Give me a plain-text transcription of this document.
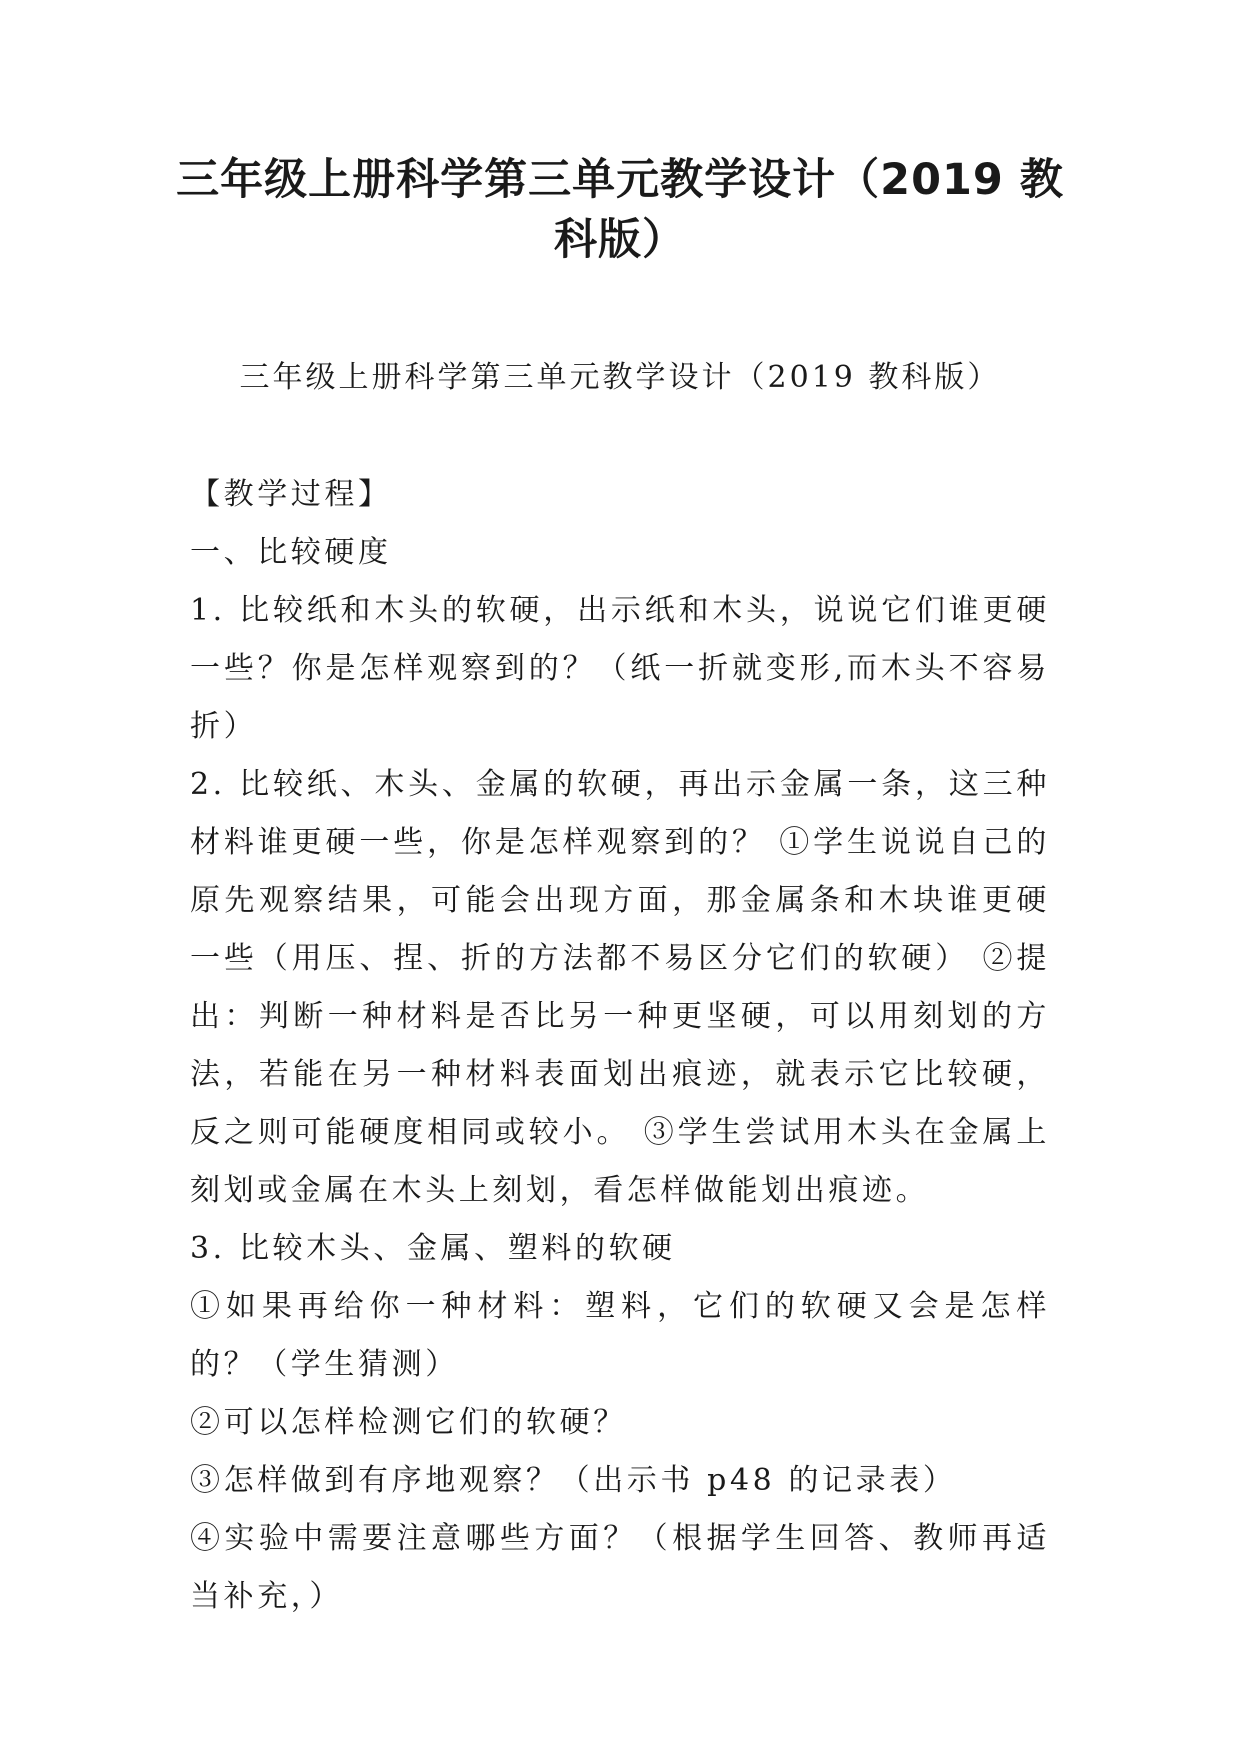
三年级上册科学第三单元教学设计（2019 教科版）
三年级上册科学第三单元教学设计（2019 教科版）

【教学过程】

一、比较硬度

1. 比较纸和木头的软硬，出示纸和木头，说说它们谁更硬一些？你是怎样观察到的？（纸一折就变形,而木头不容易折）

2. 比较纸、木头、金属的软硬，再出示金属一条，这三种材料谁更硬一些，你是怎样观察到的？ ①学生说说自己的原先观察结果，可能会出现方面，那金属条和木块谁更硬一些（用压、捏、折的方法都不易区分它们的软硬） ②提出：判断一种材料是否比另一种更坚硬，可以用刻划的方法，若能在另一种材料表面划出痕迹，就表示它比较硬，反之则可能硬度相同或较小。 ③学生尝试用木头在金属上刻划或金属在木头上刻划，看怎样做能划出痕迹。

3. 比较木头、金属、塑料的软硬

①如果再给你一种材料：塑料，它们的软硬又会是怎样的？（学生猜测）

②可以怎样检测它们的软硬？

③怎样做到有序地观察？（出示书 p48 的记录表）

④实验中需要注意哪些方面？（根据学生回答、教师再适当补充，）
